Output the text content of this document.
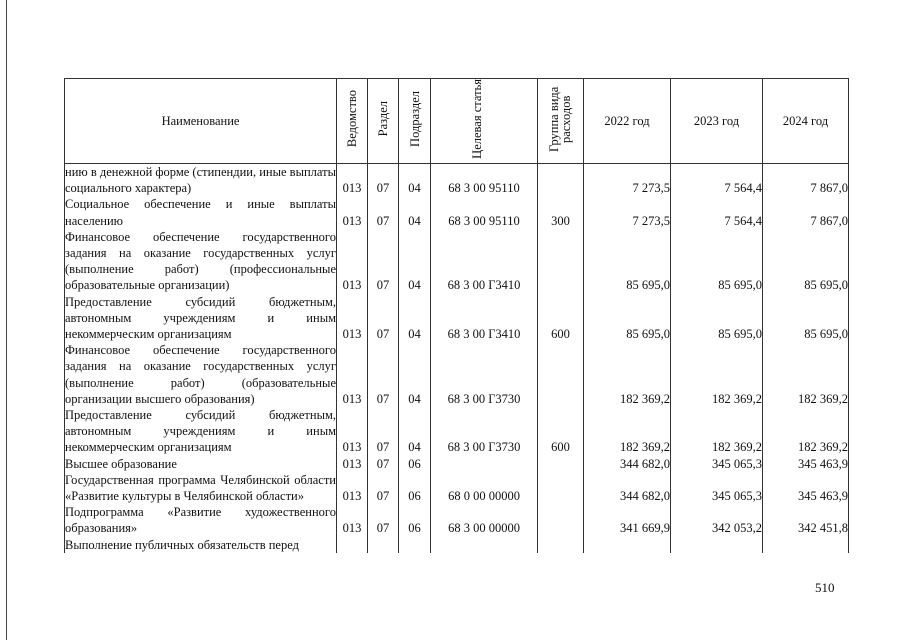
Наименование	Ведомство	Раздел	Подраздел	Целевая статья	Группа вида расходов	2022 год	2023 год	2024 год
нию в денежной форме (стипендии, иные выплаты социального характера)	013	07	04	68 3 00 95110		7 273,5	7 564,4	7 867,0
Социальное обеспечение и иные выплаты населению	013	07	04	68 3 00 95110	300	7 273,5	7 564,4	7 867,0
Финансовое обеспечение государственного задания на оказание государственных услуг (выполнение работ) (профессиональные образовательные организации)	013	07	04	68 3 00 Г3410		85 695,0	85 695,0	85 695,0
Предоставление субсидий бюджетным, автономным учреждениям и иным некоммерческим организациям	013	07	04	68 3 00 Г3410	600	85 695,0	85 695,0	85 695,0
Финансовое обеспечение государственного задания на оказание государственных услуг (выполнение работ) (образовательные организации высшего образования)	013	07	04	68 3 00 Г3730		182 369,2	182 369,2	182 369,2
Предоставление субсидий бюджетным, автономным учреждениям и иным некоммерческим организациям	013	07	04	68 3 00 Г3730	600	182 369,2	182 369,2	182 369,2
Высшее образование	013	07	06			344 682,0	345 065,3	345 463,9
Государственная программа Челябинской области «Развитие культуры в Челябинской области»	013	07	06	68 0 00 00000		344 682,0	345 065,3	345 463,9
Подпрограмма «Развитие художественного образования»	013	07	06	68 3 00 00000		341 669,9	342 053,2	342 451,8
Выполнение публичных обязательств перед								
510
